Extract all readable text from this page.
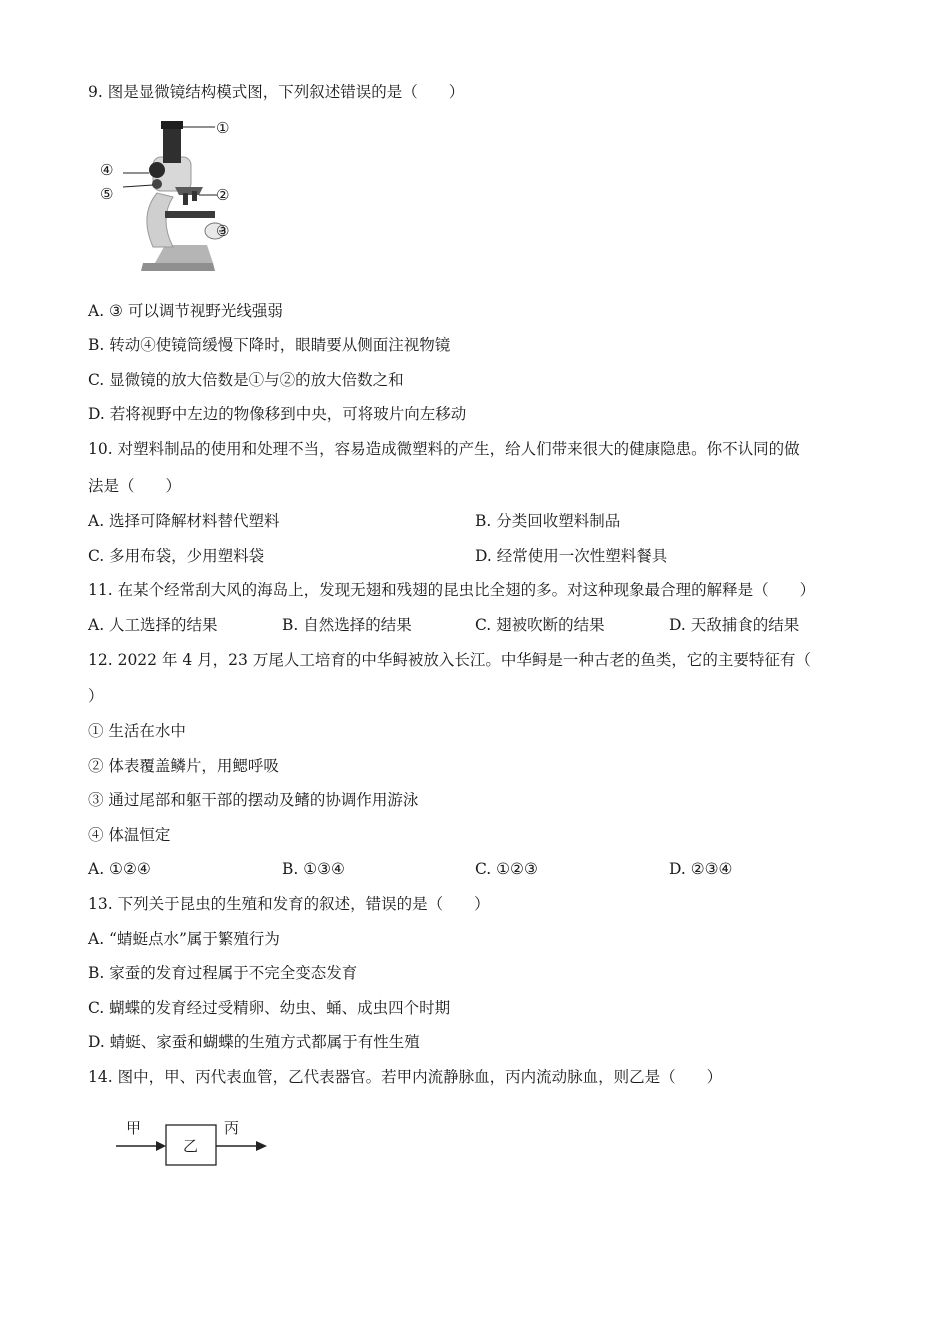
9. 图是显微镜结构模式图，下列叙述错误的是（　　）
①
②
③
④
⑤
A. ③ 可以调节视野光线强弱
B. 转动④使镜筒缓慢下降时，眼睛要从侧面注视物镜
C. 显微镜的放大倍数是①与②的放大倍数之和
D. 若将视野中左边的物像移到中央，可将玻片向左移动
10. 对塑料制品的使用和处理不当，容易造成微塑料的产生，给人们带来很大的健康隐患。你不认同的做
法是（　　）
A. 选择可降解材料替代塑料	B. 分类回收塑料制品
C. 多用布袋，少用塑料袋	D. 经常使用一次性塑料餐具
11. 在某个经常刮大风的海岛上，发现无翅和残翅的昆虫比全翅的多。对这种现象最合理的解释是（　　）
A. 人工选择的结果	B. 自然选择的结果	C. 翅被吹断的结果	D. 天敌捕食的结果
12. 2022 年 4 月，23 万尾人工培育的中华鲟被放入长江。中华鲟是一种古老的鱼类，它的主要特征有（
）
① 生活在水中
② 体表覆盖鳞片，用鳃呼吸
③ 通过尾部和躯干部的摆动及鳍的协调作用游泳
④ 体温恒定
A. ①②④	B. ①③④	C. ①②③	D. ②③④
13. 下列关于昆虫的生殖和发育的叙述，错误的是（　　）
A. “蜻蜓点水”属于繁殖行为
B. 家蚕的发育过程属于不完全变态发育
C. 蝴蝶的发育经过受精卵、幼虫、蛹、成虫四个时期
D. 蜻蜓、家蚕和蝴蝶的生殖方式都属于有性生殖
14. 图中，甲、丙代表血管，乙代表器官。若甲内流静脉血，丙内流动脉血，则乙是（　　）
甲
乙
丙
